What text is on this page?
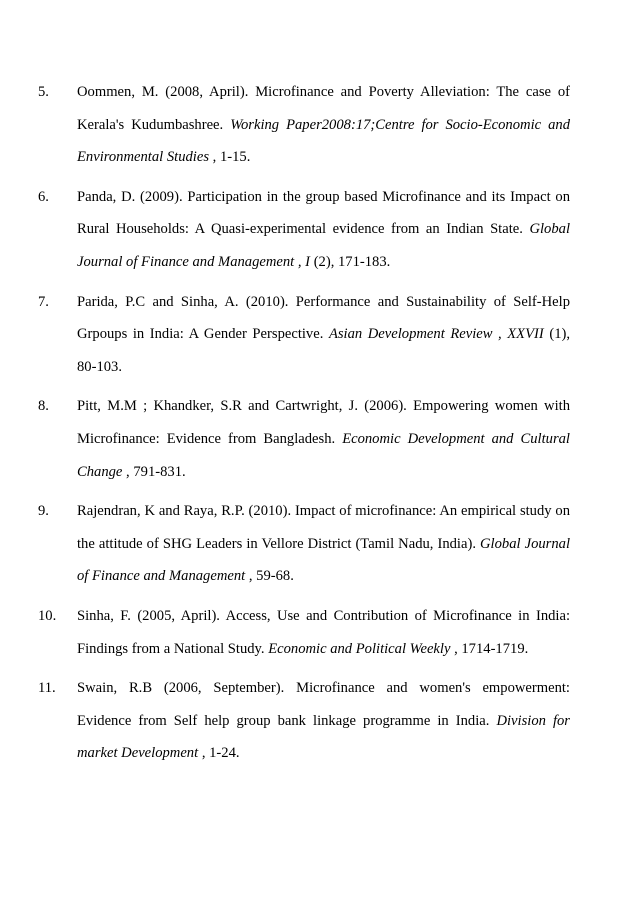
5. Oommen, M. (2008, April). Microfinance and Poverty Alleviation: The case of Kerala's Kudumbashree. Working Paper2008:17;Centre for Socio-Economic and Environmental Studies , 1-15.
6. Panda, D. (2009). Participation in the group based Microfinance and its Impact on Rural Households: A Quasi-experimental evidence from an Indian State. Global Journal of Finance and Management , I (2), 171-183.
7. Parida, P.C and Sinha, A. (2010). Performance and Sustainability of Self-Help Grpoups in India: A Gender Perspective. Asian Development Review , XXVII (1), 80-103.
8. Pitt, M.M ; Khandker, S.R and Cartwright, J. (2006). Empowering women with Microfinance: Evidence from Bangladesh. Economic Development and Cultural Change , 791-831.
9. Rajendran, K and Raya, R.P. (2010). Impact of microfinance: An empirical study on the attitude of SHG Leaders in Vellore District (Tamil Nadu, India). Global Journal of Finance and Management , 59-68.
10. Sinha, F. (2005, April). Access, Use and Contribution of Microfinance in India: Findings from a National Study. Economic and Political Weekly , 1714-1719.
11. Swain, R.B (2006, September). Microfinance and women's empowerment: Evidence from Self help group bank linkage programme in India. Division for market Development , 1-24.
